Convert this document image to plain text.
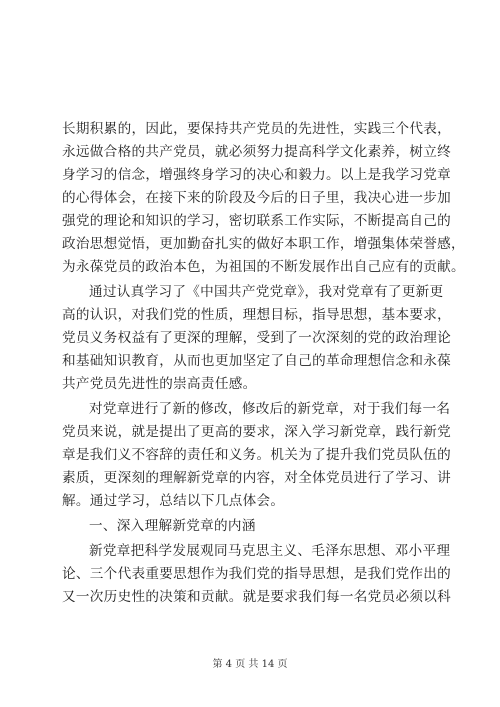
长期积累的，因此，要保持共产党员的先进性，实践三个代表，
永远做合格的共产党员，就必须努力提高科学文化素养，树立终
身学习的信念，增强终身学习的决心和毅力。以上是我学习党章
的心得体会，在接下来的阶段及今后的日子里，我决心进一步加
强党的理论和知识的学习，密切联系工作实际，不断提高自己的
政治思想觉悟，更加勤奋扎实的做好本职工作，增强集体荣誉感，
为永葆党员的政治本色，为祖国的不断发展作出自己应有的贡献。
通过认真学习了《中国共产党党章》，我对党章有了更新更
高的认识，对我们党的性质，理想目标，指导思想，基本要求，
党员义务权益有了更深的理解，受到了一次深刻的党的政治理论
和基础知识教育，从而也更加坚定了自己的革命理想信念和永葆
共产党员先进性的崇高责任感。
对党章进行了新的修改，修改后的新党章，对于我们每一名
党员来说，就是提出了更高的要求，深入学习新党章，践行新党
章是我们义不容辞的责任和义务。机关为了提升我们党员队伍的
素质，更深刻的理解新党章的内容，对全体党员进行了学习、讲
解。通过学习，总结以下几点体会。
一、深入理解新党章的内涵
新党章把科学发展观同马克思主义、毛泽东思想、邓小平理
论、三个代表重要思想作为我们党的指导思想，是我们党作出的
又一次历史性的决策和贡献。就是要求我们每一名党员必须以科
第 4 页 共 14 页
